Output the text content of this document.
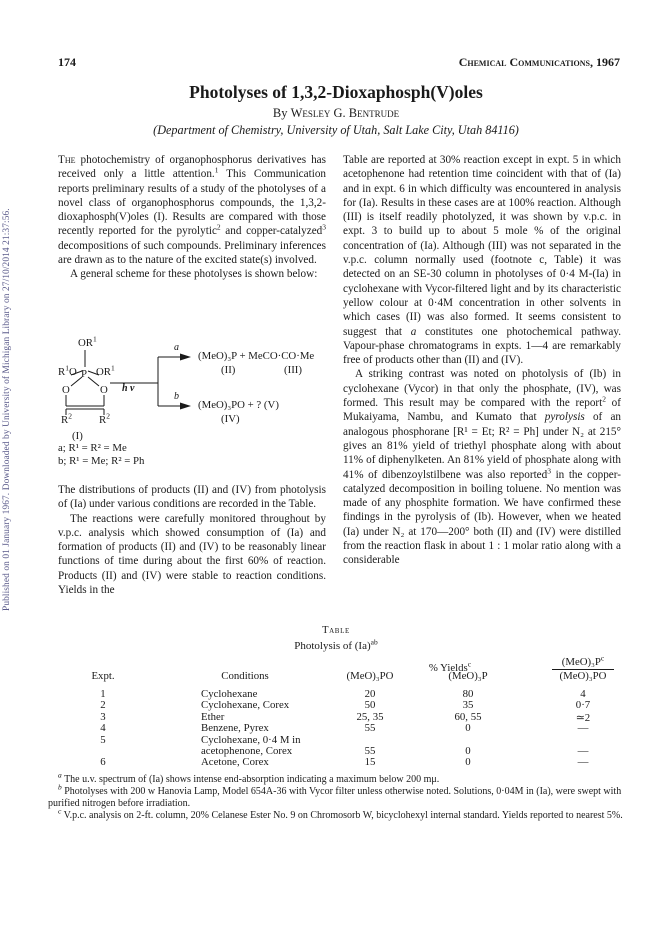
Published on 01 January 1967. Downloaded by University of Michigan Library on 27/10/2014 21:37:56.
174	Chemical Communications, 1967
Photolyses of 1,3,2-Dioxaphosph(V)oles
By Wesley G. Bentrude
(Department of Chemistry, University of Utah, Salt Lake City, Utah 84116)

The photochemistry of organophosphorus derivatives has received only a little attention.$^1$ This Communication reports preliminary results of a study of the photolyses of a novel class of organophosphorus compounds, the 1,3,2-dioxaphosph(V)oles (I). Results are compared with those recently reported for the pyrolytic$^2$ and copper-catalyzed$^3$ decompositions of such compounds. Preliminary inferences are drawn as to the nature of the excited state(s) involved.

A general scheme for these photolyses is shown below:

$OR^1$
$R^1O$ P $OR^1$
O	O
$R^2$	$R^2$
(I)
h ν
a
b
(MeO)₃P + MeCO·CO·Me
(II)	(III)
(MeO)₃PO + ? (V)
(IV)
a; R¹ = R² = Me
b; R¹ = Me; R² = Ph

The distributions of products (II) and (IV) from photolysis of (Ia) under various conditions are recorded in the Table.

The reactions were carefully monitored throughout by v.p.c. analysis which showed consumption of (Ia) and formation of products (II) and (IV) to be reasonably linear functions of time during about the first 60% of reaction. Products (II) and (IV) were stable to reaction conditions. Yields in the

Table are reported at 30% reaction except in expt. 5 in which acetophenone had retention time coincident with that of (Ia) and in expt. 6 in which difficulty was encountered in analysis for (Ia). Results in these cases are at 100% reaction. Although (III) is itself readily photolyzed, it was shown by v.p.c. in expt. 3 to build up to about 5 mole % of the original concentration of (Ia). Although (III) was not separated in the v.p.c. column normally used (footnote c, Table) it was detected on an SE-30 column in photolyses of 0·4 M-(Ia) in cyclohexane with Vycor-filtered light and by its characteristic yellow colour at 0·4M concentration in other solvents in which cases (II) was also formed. It seems consistent to suggest that a constitutes one photochemical pathway. Vapour-phase chromatograms in expts. 1—4 are remarkably free of products other than (II) and (IV).

A striking contrast was noted on photolysis of (Ib) in cyclohexane (Vycor) in that only the phosphate, (IV), was formed. This result may be compared with the report$^2$ of Mukaiyama, Nambu, and Kumato that pyrolysis of an analogous phosphorane [R¹ = Et; R² = Ph] under N₂ at 215° gives an 81% yield of triethyl phosphate along with about 11% of diphenylketen. An 81% yield of phosphate along with 41% of dibenzoylstilbene was also reported$^3$ in the copper-catalyzed decomposition in boiling toluene. No mention was made of any phosphite formation. We have confirmed these findings in the pyrolysis of (Ib). However, when we heated (Ia) under N₂ at 170—200° both (II) and (IV) were distilled from the reaction flask in about 1 : 1 molar ratio along with a considerable

Table
Photolysis of $(Ia)^{ab}$
% Yields$^c$	$(MeO)_3P^c$
(MeO)₃PO
Expt.	Conditions	(MeO)₃PO	(MeO)₃P
1	Cyclohexane	20	80	4
2	Cyclohexane, Corex	50	35	0·7
3	Ether	25, 35	60, 55	≃2
4	Benzene, Pyrex	55	0	—
5	Cyclohexane, 0·4 M in
acetophenone, Corex	55	0	—
6	Acetone, Corex	15	0	—
$^a$ The u.v. spectrum of (Ia) shows intense end-absorption indicating a maximum below 200 mμ.
$^b$ Photolyses with 200 w Hanovia Lamp, Model 654A-36 with Vycor filter unless otherwise noted. Solutions, 0·04M in (Ia), were swept with purified nitrogen before irradiation.
$^c$ V.p.c. analysis on 2-ft. column, 20% Celanese Ester No. 9 on Chromosorb W, bicyclohexyl internal standard. Yields reported to nearest 5%.
